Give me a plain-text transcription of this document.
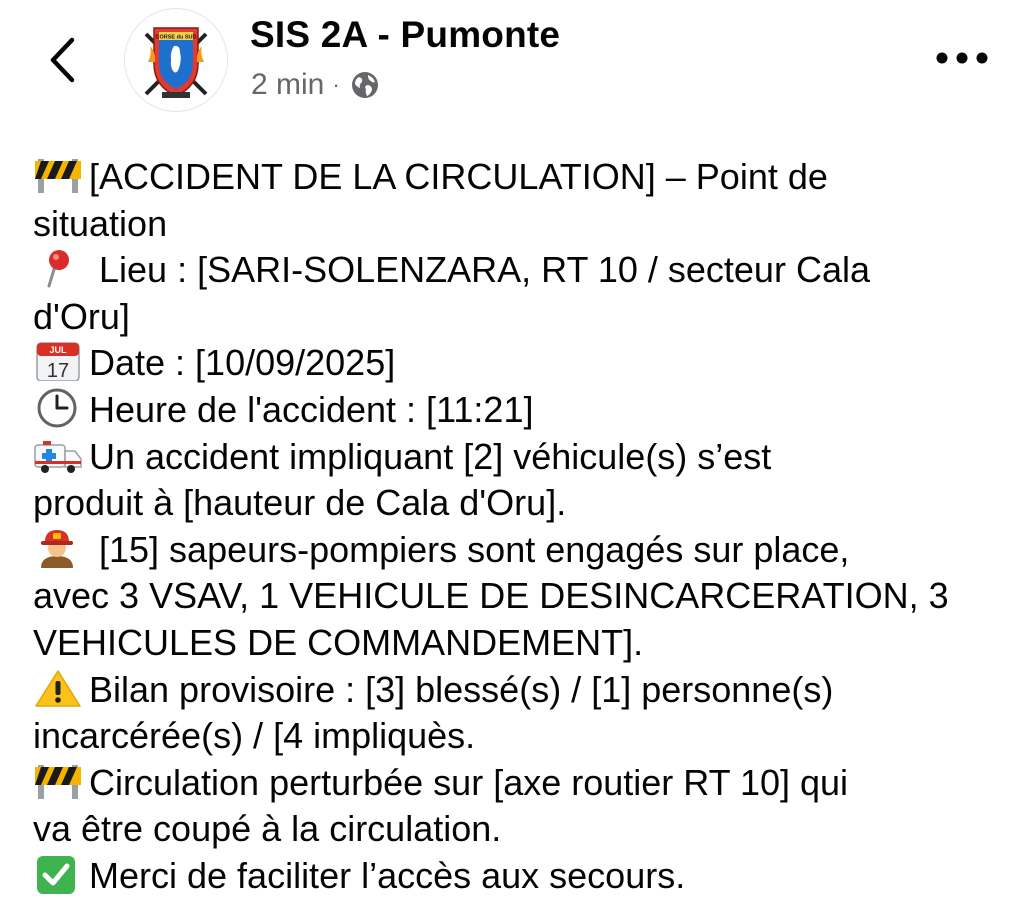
CORSE du SUD SIS 2A - Pumonte
2 min ·
[ACCIDENT DE LA CIRCULATION] – Point de
situation
Lieu : [SARI-SOLENZARA, RT 10 / secteur Cala
d'Oru]
JUL
17 Date : [10/09/2025]
Heure de l'accident : [11:21]
Un accident impliquant [2] véhicule(s) s’est
produit à [hauteur de Cala d'Oru].
[15] sapeurs-pompiers sont engagés sur place,
avec 3 VSAV, 1 VEHICULE DE DESINCARCERATION, 3
VEHICULES DE COMMANDEMENT].
Bilan provisoire : [3] blessé(s) / [1] personne(s)
incarcérée(s) / [4 impliquès.
Circulation perturbée sur [axe routier RT 10] qui
va être coupé à la circulation.
Merci de faciliter l’accès aux secours.
